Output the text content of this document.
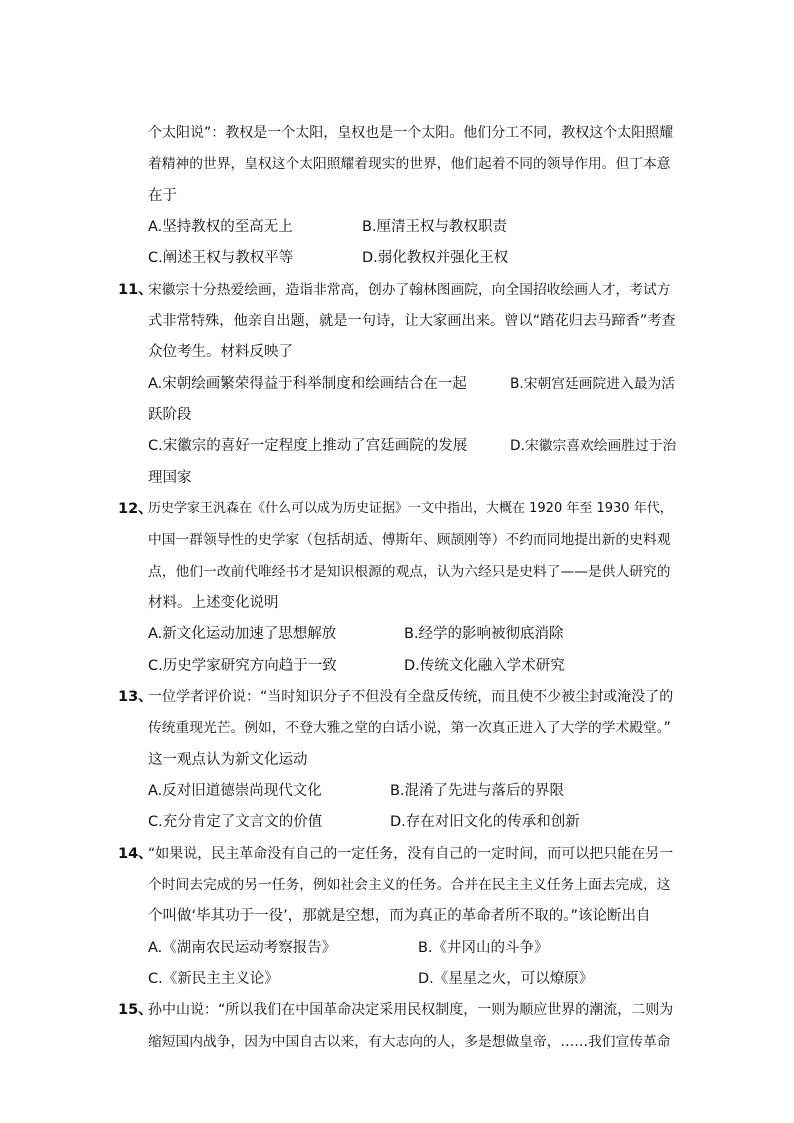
个太阳说”：教权是一个太阳，皇权也是一个太阳。他们分工不同，教权这个太阳照耀
着精神的世界，皇权这个太阳照耀着现实的世界，他们起着不同的领导作用。但丁本意
在于
A.坚持教权的至高无上	B.厘清王权与教权职责
C.阐述王权与教权平等	D.弱化教权并强化王权
11、
宋徽宗十分热爱绘画，造诣非常高，创办了翰林图画院，向全国招收绘画人才，考试方
式非常特殊，他亲自出题，就是一句诗，让大家画出来。曾以“踏花归去马蹄香”考查
众位考生。材料反映了
A.宋朝绘画繁荣得益于科举制度和绘画结合在一起	B.宋朝宫廷画院进入最为活
跃阶段
C.宋徽宗的喜好一定程度上推动了宫廷画院的发展	D.宋徽宗喜欢绘画胜过于治
理国家
12、
历史学家王汎森在《什么可以成为历史证据》一文中指出，大概在 1920 年至 1930 年代，
中国一群领导性的史学家（包括胡适、傅斯年、顾颉刚等）不约而同地提出新的史料观
点，他们一改前代唯经书才是知识根源的观点，认为六经只是史料了——是供人研究的
材料。上述变化说明
A.新文化运动加速了思想解放	B.经学的影响被彻底消除
C.历史学家研究方向趋于一致	D.传统文化融入学术研究
13、
一位学者评价说：“当时知识分子不但没有全盘反传统，而且使不少被尘封或淹没了的
传统重现光芒。例如，不登大雅之堂的白话小说，第一次真正进入了大学的学术殿堂。”
这一观点认为新文化运动
A.反对旧道德崇尚现代文化	B.混淆了先进与落后的界限
C.充分肯定了文言文的价值	D.存在对旧文化的传承和创新
14、
“如果说，民主革命没有自己的一定任务，没有自己的一定时间，而可以把只能在另一
个时间去完成的另一任务，例如社会主义的任务。合并在民主主义任务上面去完成，这
个叫做‘毕其功于一役’，那就是空想，而为真正的革命者所不取的。”该论断出自
A.《湖南农民运动考察报告》	B.《井冈山的斗争》
C.《新民主主义论》	D.《星星之火，可以燎原》
15、
孙中山说：“所以我们在中国革命决定采用民权制度，一则为顺应世界的潮流，二则为
缩短国内战争，因为中国自古以来，有大志向的人，多是想做皇帝，……我们宣传革命
